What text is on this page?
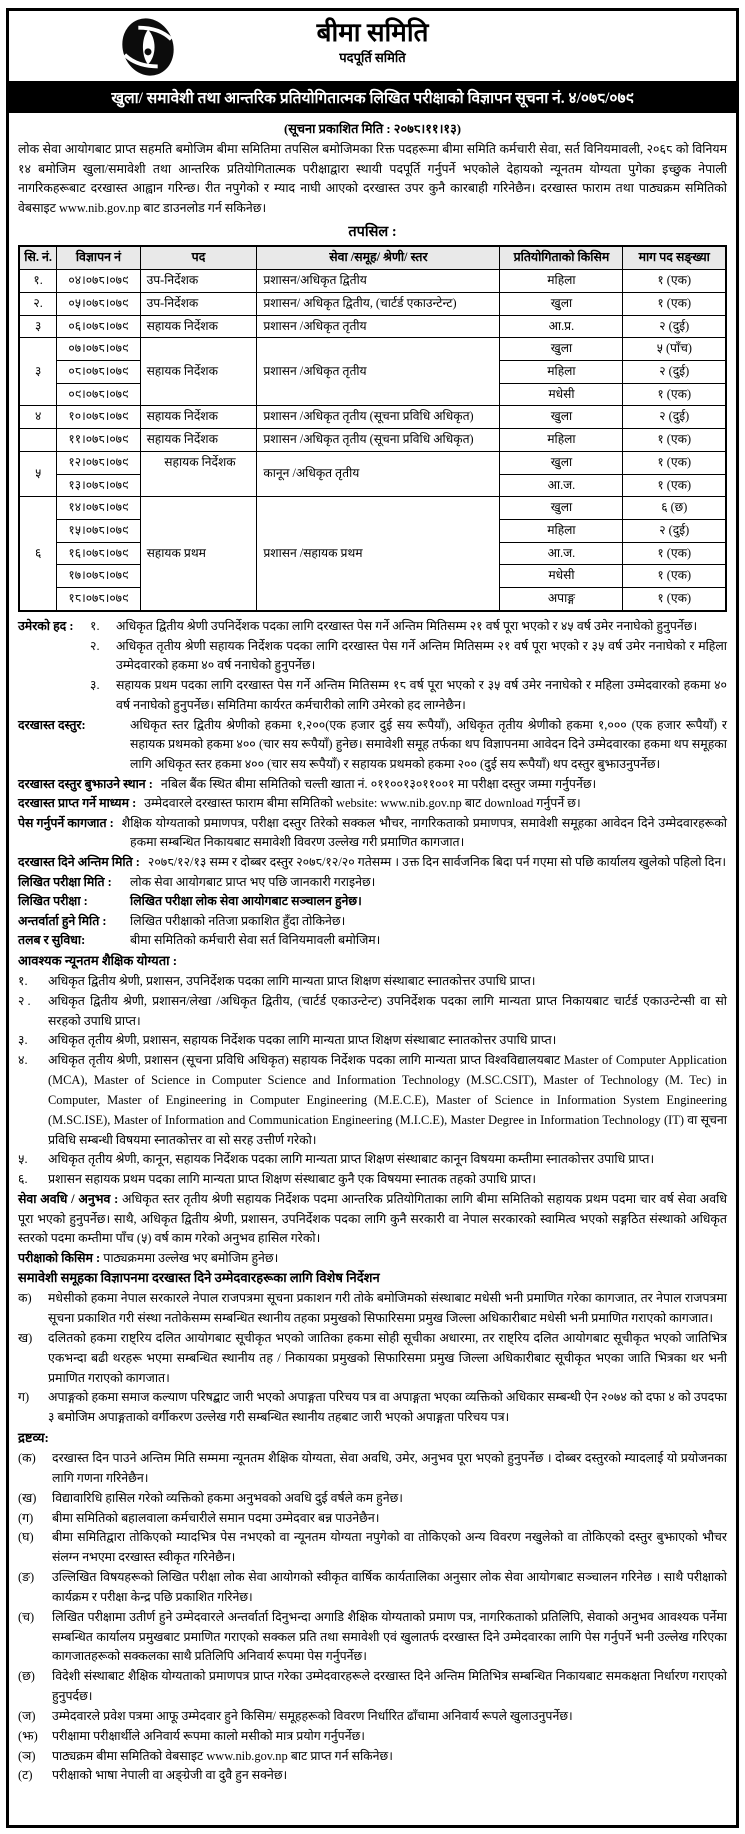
बीमा समिति
पदपूर्ति समिति
खुला/ समावेशी तथा आन्तरिक प्रतियोगितात्मक लिखित परीक्षाको विज्ञापन सूचना नं. ४/०७८/०७९
(सूचना प्रकाशित मिति : २०७८।११।१३)
लोक सेवा आयोगबाट प्राप्त सहमति बमोजिम बीमा समितिमा तपसिल बमोजिमका रिक्त पदहरूमा बीमा समिति कर्मचारी सेवा, सर्त विनियमावली, २०६८ को विनियम १४ बमोजिम खुला/समावेशी तथा आन्तरिक प्रतियोगितात्मक परीक्षाद्वारा स्थायी पदपूर्ति गर्नुपर्ने भएकोले देहायको न्यूनतम योग्यता पुगेका इच्छुक नेपाली नागरिकहरूबाट दरखास्त आह्वान गरिन्छ। रीत नपुगेको र म्याद नाघी आएको दरखास्त उपर कुनै कारबाही गरिनेछैन। दरखास्त फाराम तथा पाठ्यक्रम समितिको वेबसाइट www.nib.gov.np बाट डाउनलोड गर्न सकिनेछ।
तपसिल :
सि. नं.	विज्ञापन नं	पद	सेवा /समूह/ श्रेणी/ स्तर	प्रतियोगिताको किसिम	माग पद सङ्ख्या
१.	०४।०७८।०७९	उप-निर्देशक	प्रशासन/अधिकृत द्वितीय	महिला	१ (एक)
२.	०५।०७८।०७९	उप-निर्देशक	प्रशासन/ अधिकृत द्वितीय, (चार्टर्ड एकाउन्टेन्ट)	खुला	१ (एक)
३	०६।०७८।०७९	सहायक निर्देशक	प्रशासन /अधिकृत तृतीय	आ.प्र.	२ (दुई)
३	०७।०७८।०७९	सहायक निर्देशक	प्रशासन /अधिकृत तृतीय	खुला	५ (पाँच)
	०८।०७८।०७९			महिला	२ (दुई)
	०९।०७८।०७९			मधेसी	१ (एक)
४	१०।०७८।०७९	सहायक निर्देशक	प्रशासन /अधिकृत तृतीय (सूचना प्रविधि अधिकृत)	खुला	२ (दुई)
	११।०७८।०७९	सहायक निर्देशक	प्रशासन /अधिकृत तृतीय (सूचना प्रविधि अधिकृत)	महिला	१ (एक)
५	१२।०७८।०७९	सहायक निर्देशक	कानून /अधिकृत तृतीय	खुला	१ (एक)
	१३।०७८।०७९			आ.ज.	१ (एक)
६	१४।०७८।०७९	सहायक प्रथम	प्रशासन /सहायक प्रथम	खुला	६ (छ)
	१५।०७८।०७९			महिला	२ (दुई)
	१६।०७८।०७९			आ.ज.	१ (एक)
	१७।०७८।०७९			मधेसी	१ (एक)
	१८।०७८।०७९			अपाङ्ग	१ (एक)
उमेरको हद :	१.	अधिकृत द्वितीय श्रेणी उपनिर्देशक पदका लागि दरखास्त पेस गर्ने अन्तिम मितिसम्म २१ वर्ष पूरा भएको र ४५ वर्ष उमेर ननाघेको हुनुपर्नेछ।
२.	अधिकृत तृतीय श्रेणी सहायक निर्देशक पदका लागि दरखास्त पेस गर्ने अन्तिम मितिसम्म २१ वर्ष पूरा भएको र ३५ वर्ष उमेर ननाघेको र महिला उम्मेदवारको हकमा ४० वर्ष ननाघेको हुनुपर्नेछ।
३.	सहायक प्रथम पदका लागि दरखास्त पेस गर्ने अन्तिम मितिसम्म १८ वर्ष पूरा भएको र ३५ वर्ष उमेर ननाघेको र महिला उम्मेदवारको हकमा ४० वर्ष ननाघेको हुनुपर्नेछ। समितिमा कार्यरत कर्मचारीको लागि उमेरको हद लाग्नेछैन।
दरखास्त दस्तुर:	अधिकृत स्तर द्वितीय श्रेणीको हकमा १,२००(एक हजार दुई सय रूपैयाँ), अधिकृत तृतीय श्रेणीको हकमा १,००० (एक हजार रूपैयाँ) र सहायक प्रथमको हकमा ४०० (चार सय रूपैयाँ) हुनेछ। समावेशी समूह तर्फका थप विज्ञापनमा आवेदन दिने उम्मेदवारका हकमा थप समूहका लागि अधिकृत स्तर हकमा ४०० (चार सय रूपैयाँ) र सहायक प्रथमको हकमा २०० (दुई सय रूपैयाँ) थप दस्तुर बुझाउनुपर्नेछ।
दरखास्त दस्तुर बुझाउने स्थान : नबिल बैंक स्थित बीमा समितिको चल्ती खाता नं. ०११००१३०११००१ मा परीक्षा दस्तुर जम्मा गर्नुपर्नेछ।
दरखास्त प्राप्त गर्ने माध्यम : उम्मेदवारले दरखास्त फाराम बीमा समितिको website: www.nib.gov.np बाट download गर्नुपर्ने छ।
पेस गर्नुपर्ने कागजात : शैक्षिक योग्यताको प्रमाणपत्र, परीक्षा दस्तुर तिरेको सक्कल भौचर, नागरिकताको प्रमाणपत्र, समावेशी समूहका आवेदन दिने उम्मेदवारहरूको हकमा सम्बन्धित निकायबाट समावेशी विवरण उल्लेख गरी प्रमाणित कागजात।
दरखास्त दिने अन्तिम मिति : २०७८/१२/१३ सम्म र दोब्बर दस्तुर २०७८/१२/२० गतेसम्म । उक्त दिन सार्वजनिक बिदा पर्न गएमा सो पछि कार्यालय खुलेको पहिलो दिन।
लिखित परीक्षा मिति : लोक सेवा आयोगबाट प्राप्त भए पछि जानकारी गराइनेछ।
लिखित परीक्षा :	लिखित परीक्षा लोक सेवा आयोगबाट सञ्चालन हुनेछ।
अन्तर्वार्ता हुने मिति : लिखित परीक्षाको नतिजा प्रकाशित हुँदा तोकिनेछ।
तलब र सुविधा:	बीमा समितिको कर्मचारी सेवा सर्त विनियमावली बमोजिम।
आवश्यक न्यूनतम शैक्षिक योग्यता :
१.	अधिकृत द्वितीय श्रेणी, प्रशासन, उपनिर्देशक पदका लागि मान्यता प्राप्त शिक्षण संस्थाबाट स्नातकोत्तर उपाधि प्राप्त।
२ .	अधिकृत द्वितीय श्रेणी, प्रशासन/लेखा /अधिकृत द्वितीय, (चार्टर्ड एकाउन्टेन्ट) उपनिर्देशक पदका लागि मान्यता प्राप्त निकायबाट चार्टर्ड एकाउन्टेन्सी वा सो सरहको उपाधि प्राप्त।
३.	अधिकृत तृतीय श्रेणी, प्रशासन, सहायक निर्देशक पदका लागि मान्यता प्राप्त शिक्षण संस्थाबाट स्नातकोत्तर उपाधि प्राप्त।
४.	अधिकृत तृतीय श्रेणी, प्रशासन (सूचना प्रविधि अधिकृत) सहायक निर्देशक पदका लागि मान्यता प्राप्त विश्वविद्यालयबाट Master of Computer Application (MCA), Master of Science in Computer Science and Information Technology (M.SC.CSIT), Master of Technology (M. Tec) in Computer, Master of Engineering in Computer Engineering (M.E.C.E), Master of Science in Information System Engineering (M.SC.ISE), Master of Information and Communication Engineering (M.I.C.E), Master Degree in Information Technology (IT) वा सूचना प्रविधि सम्बन्धी विषयमा स्नातकोत्तर वा सो सरह उत्तीर्ण गरेको।
५.	अधिकृत तृतीय श्रेणी, कानून, सहायक निर्देशक पदका लागि मान्यता प्राप्त शिक्षण संस्थाबाट कानून विषयमा कम्तीमा स्नातकोत्तर उपाधि प्राप्त।
६.	प्रशासन सहायक प्रथम पदका लागि मान्यता प्राप्त शिक्षण संस्थाबाट कुनै एक विषयमा स्नातक तहको उपाधि प्राप्त।
सेवा अवधि / अनुभव : अधिकृत स्तर तृतीय श्रेणी सहायक निर्देशक पदमा आन्तरिक प्रतियोगिताका लागि बीमा समितिको सहायक प्रथम पदमा चार वर्ष सेवा अवधि पूरा भएको हुनुपर्नेछ। साथै, अधिकृत द्वितीय श्रेणी, प्रशासन, उपनिर्देशक पदका लागि कुनै सरकारी वा नेपाल सरकारको स्वामित्व भएको सङ्गठित संस्थाको अधिकृत स्तरको पदमा कम्तीमा पाँच (५) वर्ष काम गरेको अनुभव हासिल गरेको।
परीक्षाको किसिम : पाठ्यक्रममा उल्लेख भए बमोजिम हुनेछ।
समावेशी समूहका विज्ञापनमा दरखास्त दिने उम्मेदवारहरूका लागि विशेष निर्देशन
क)	मधेसीको हकमा नेपाल सरकारले नेपाल राजपत्रमा सूचना प्रकाशन गरी तोके बमोजिमको संस्थाबाट मधेसी भनी प्रमाणित गरेका कागजात, तर नेपाल राजपत्रमा सूचना प्रकाशित गरी संस्था नतोकेसम्म सम्बन्धित स्थानीय तहका प्रमुखको सिफारिसमा प्रमुख जिल्ला अधिकारीबाट मधेसी भनी प्रमाणित गराएको कागजात।
ख)	दलितको हकमा राष्ट्रिय दलित आयोगबाट सूचीकृत भएको जातिका हकमा सोही सूचीका अधारमा, तर राष्ट्रिय दलित आयोगबाट सूचीकृत भएको जातिभित्र एकभन्दा बढी थरहरू भएमा सम्बन्धित स्थानीय तह / निकायका प्रमुखको सिफारिसमा प्रमुख जिल्ला अधिकारीबाट सूचीकृत भएका जाति भित्रका थर भनी प्रमाणित गराएको कागजात।
ग)	अपाङ्गको हकमा समाज कल्याण परिषद्बाट जारी भएको अपाङ्गता परिचय पत्र वा अपाङ्गता भएका व्यक्तिको अधिकार सम्बन्धी ऐन २०७४ को दफा ४ को उपदफा ३ बमोजिम अपाङ्गताको वर्गीकरण उल्लेख गरी सम्बन्धित स्थानीय तहबाट जारी भएको अपाङ्गता परिचय पत्र।
द्रष्टव्य:
(क)	दरखास्त दिन पाउने अन्तिम मिति सम्ममा न्यूनतम शैक्षिक योग्यता, सेवा अवधि, उमेर, अनुभव पूरा भएको हुनुपर्नेछ । दोब्बर दस्तुरको म्यादलाई यो प्रयोजनका लागि गणना गरिनेछैन।
(ख)	विद्यावारिधि हासिल गरेको व्यक्तिको हकमा अनुभवको अवधि दुई वर्षले कम हुनेछ।
(ग)	बीमा समितिको बहालवाला कर्मचारीले समान पदमा उम्मेदवार बन्न पाउनेछैन।
(घ)	बीमा समितिद्वारा तोकिएको म्यादभित्र पेस नभएको वा न्यूनतम योग्यता नपुगेको वा तोकिएको अन्य विवरण नखुलेको वा तोकिएको दस्तुर बुझाएको भौचर संलग्न नभएमा दरखास्त स्वीकृत गरिनेछैन।
(ङ)	उल्लिखित विषयहरूको लिखित परीक्षा लोक सेवा आयोगको स्वीकृत वार्षिक कार्यतालिका अनुसार लोक सेवा आयोगबाट सञ्चालन गरिनेछ । साथै परीक्षाको कार्यक्रम र परीक्षा केन्द्र पछि प्रकाशित गरिनेछ।
(च)	लिखित परीक्षामा उतीर्ण हुने उम्मेदवारले अन्तर्वार्ता दिनुभन्दा अगाडि शैक्षिक योग्यताको प्रमाण पत्र, नागरिकताको प्रतिलिपि, सेवाको अनुभव आवश्यक पर्नेमा सम्बन्धित कार्यालय प्रमुखबाट प्रमाणित गराएको सक्कल प्रति तथा समावेशी एवं खुलातर्फ दरखास्त दिने उम्मेदवारका लागि पेस गर्नुपर्ने भनी उल्लेख गरिएका कागजातहरूको सक्कलका साथै प्रतिलिपि अनिवार्य रूपमा पेस गर्नुपर्नेछ।
(छ)	विदेशी संस्थाबाट शैक्षिक योग्यताको प्रमाणपत्र प्राप्त गरेका उम्मेदवारहरूले दरखास्त दिने अन्तिम मितिभित्र सम्बन्धित निकायबाट समकक्षता निर्धारण गराएको हुनुपर्दछ।
(ज)	उम्मेदवारले प्रवेश पत्रमा आफू उम्मेदवार हुने किसिम/ समूहहरूको विवरण निर्धारित ढाँचामा अनिवार्य रूपले खुलाउनुपर्नेछ।
(झ)	परीक्षामा परीक्षार्थीले अनिवार्य रूपमा कालो मसीको मात्र प्रयोग गर्नुपर्नेछ।
(ञ)	पाठ्यक्रम बीमा समितिको वेबसाइट www.nib.gov.np बाट प्राप्त गर्न सकिनेछ।
(ट)	परीक्षाको भाषा नेपाली वा अङ्ग्रेजी वा दुवै हुन सक्नेछ।
